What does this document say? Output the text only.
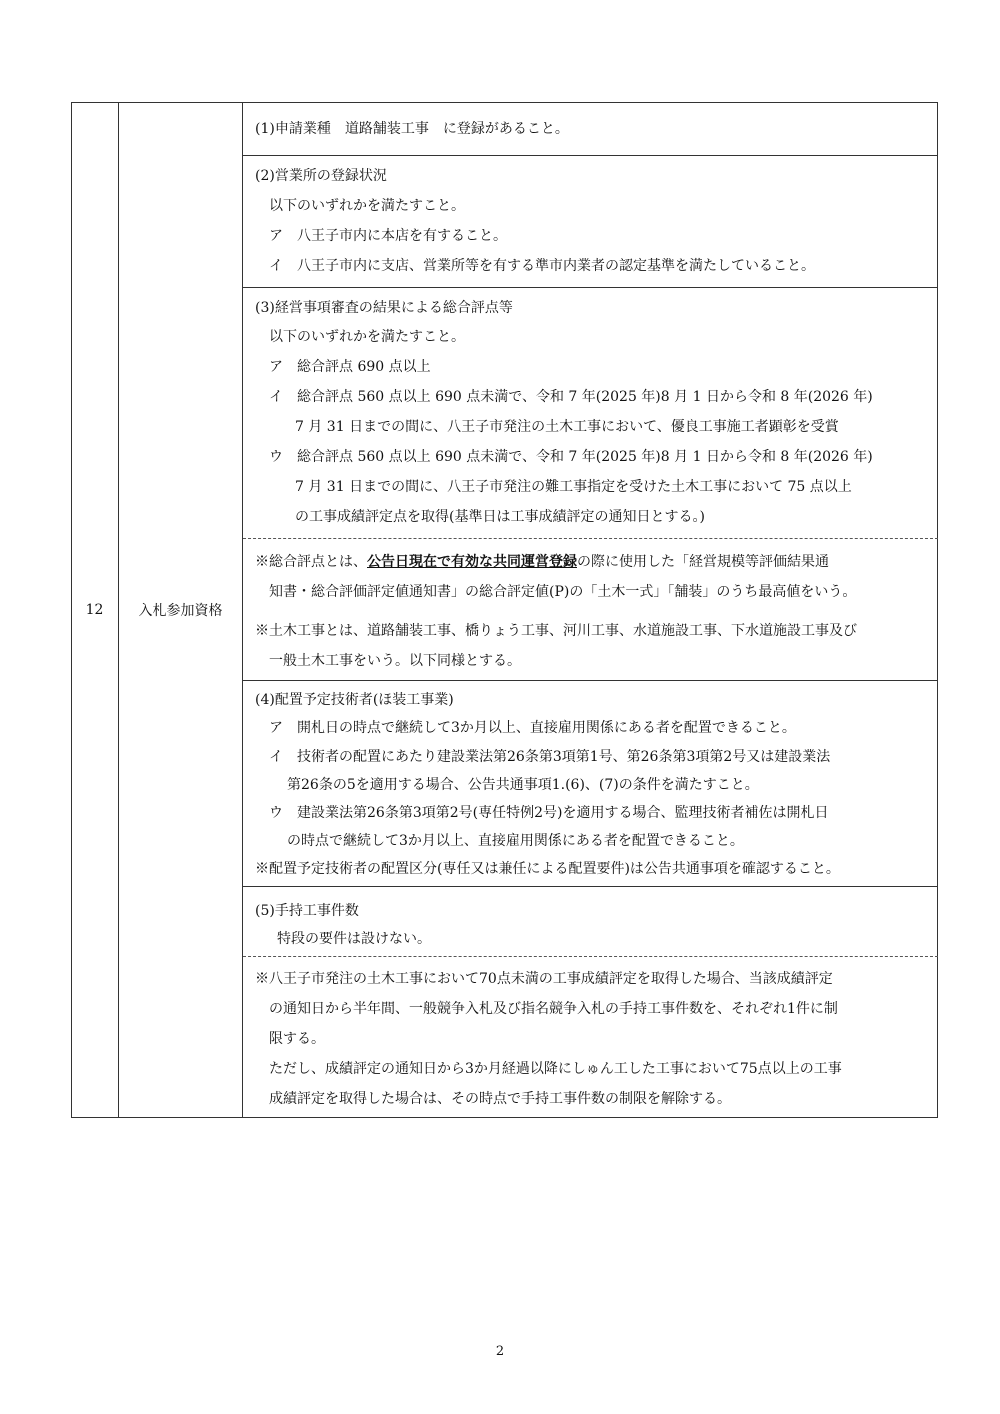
12	入札参加資格
(1)申請業種　道路舗装工事　に登録があること。
(2)営業所の登録状況
以下のいずれかを満たすこと。
ア　八王子市内に本店を有すること。
イ　八王子市内に支店、営業所等を有する準市内業者の認定基準を満たしていること。
(3)経営事項審査の結果による総合評点等
以下のいずれかを満たすこと。
ア　総合評点 690 点以上
イ　総合評点 560 点以上 690 点未満で、令和 7 年(2025 年)8 月 1 日から令和 8 年(2026 年)
7 月 31 日までの間に、八王子市発注の土木工事において、優良工事施工者顕彰を受賞
ウ　総合評点 560 点以上 690 点未満で、令和 7 年(2025 年)8 月 1 日から令和 8 年(2026 年)
7 月 31 日までの間に、八王子市発注の難工事指定を受けた土木工事において 75 点以上
の工事成績評定点を取得(基準日は工事成績評定の通知日とする。)
※総合評点とは、公告日現在で有効な共同運営登録の際に使用した「経営規模等評価結果通
知書・総合評価評定値通知書」の総合評定値(P)の「土木一式」「舗装」のうち最高値をいう。
※土木工事とは、道路舗装工事、橋りょう工事、河川工事、水道施設工事、下水道施設工事及び
一般土木工事をいう。以下同様とする。
(4)配置予定技術者(ほ装工事業)
ア　開札日の時点で継続して3か月以上、直接雇用関係にある者を配置できること。
イ　技術者の配置にあたり建設業法第26条第3項第1号、第26条第3項第2号又は建設業法
第26条の5を適用する場合、公告共通事項1.(6)、(7)の条件を満たすこと。
ウ　建設業法第26条第3項第2号(専任特例2号)を適用する場合、監理技術者補佐は開札日
の時点で継続して3か月以上、直接雇用関係にある者を配置できること。
※配置予定技術者の配置区分(専任又は兼任による配置要件)は公告共通事項を確認すること。
(5)手持工事件数
特段の要件は設けない。
※八王子市発注の土木工事において70点未満の工事成績評定を取得した場合、当該成績評定
の通知日から半年間、一般競争入札及び指名競争入札の手持工事件数を、それぞれ1件に制
限する。
ただし、成績評定の通知日から3か月経過以降にしゅん工した工事において75点以上の工事
成績評定を取得した場合は、その時点で手持工事件数の制限を解除する。
2
